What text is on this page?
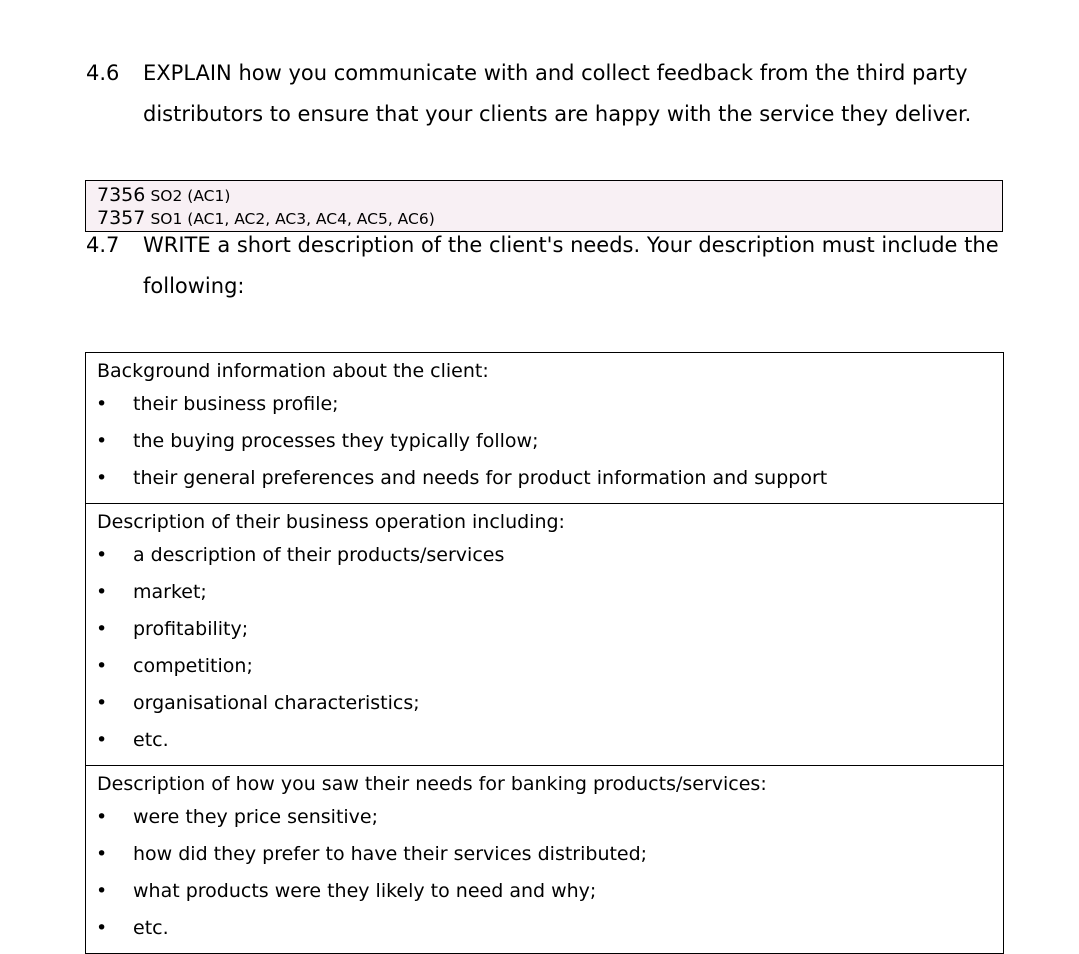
4.6 EXPLAIN how you communicate with and collect feedback from the third party distributors to ensure that your clients are happy with the service they deliver.
7356 SO2 (AC1)
7357 SO1 (AC1, AC2, AC3, AC4, AC5, AC6)
4.7 WRITE a short description of the client's needs. Your description must include the following:
Background information about the client:
• their business profile;
• the buying processes they typically follow;
• their general preferences and needs for product information and support

Description of their business operation including:
• a description of their products/services
• market;
• profitability;
• competition;
• organisational characteristics;
• etc.

Description of how you saw their needs for banking products/services:
• were they price sensitive;
• how did they prefer to have their services distributed;
• what products were they likely to need and why;
• etc.
